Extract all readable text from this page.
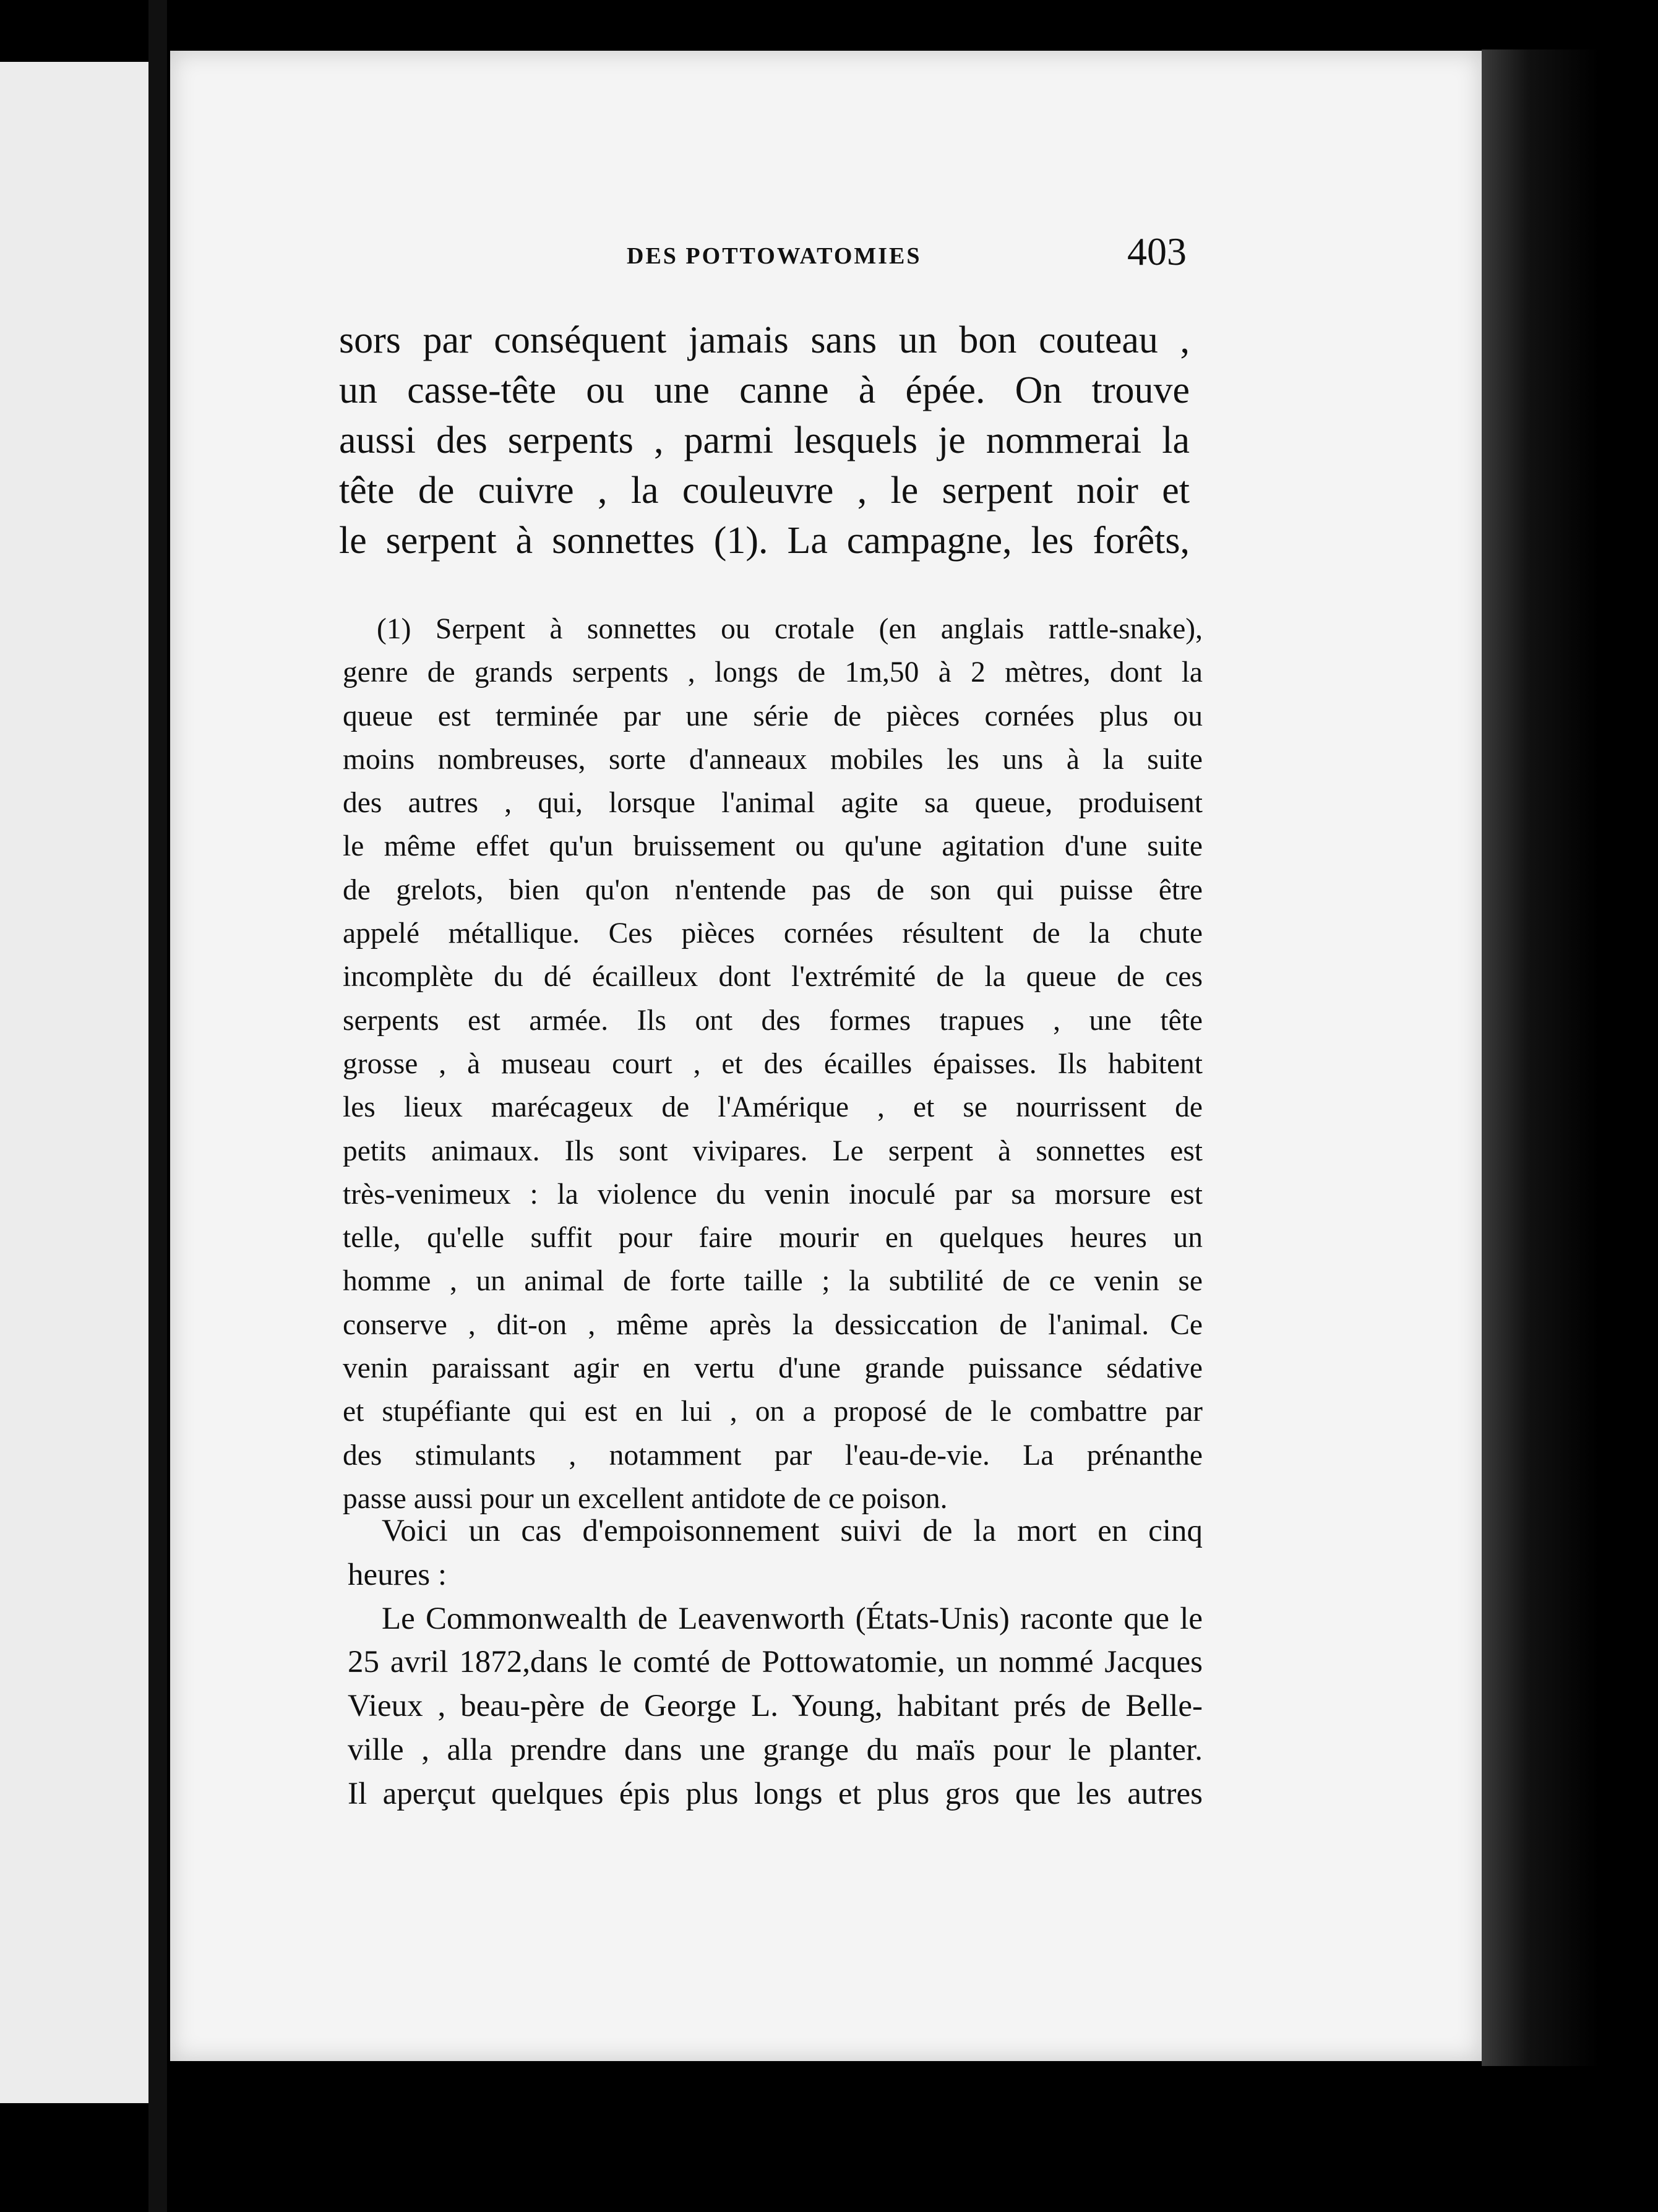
DES POTTOWATOMIES	403
sors par conséquent jamais sans un bon couteau ,
un casse-tête ou une canne à épée. On trouve
aussi des serpents , parmi lesquels je nommerai la
tête de cuivre , la couleuvre , le serpent noir et
le serpent à sonnettes (1). La campagne, les forêts,
(1) Serpent à sonnettes ou crotale (en anglais rattle-snake),
genre de grands serpents , longs de 1m,50 à 2 mètres, dont la
queue est terminée par une série de pièces cornées plus ou
moins nombreuses, sorte d'anneaux mobiles les uns à la suite
des autres , qui, lorsque l'animal agite sa queue, produisent
le même effet qu'un bruissement ou qu'une agitation d'une suite
de grelots, bien qu'on n'entende pas de son qui puisse être
appelé métallique. Ces pièces cornées résultent de la chute
incomplète du dé écailleux dont l'extrémité de la queue de ces
serpents est armée. Ils ont des formes trapues , une tête
grosse , à museau court , et des écailles épaisses. Ils habitent
les lieux marécageux de l'Amérique , et se nourrissent de
petits animaux. Ils sont vivipares. Le serpent à sonnettes est
très-venimeux : la violence du venin inoculé par sa morsure est
telle, qu'elle suffit pour faire mourir en quelques heures un
homme , un animal de forte taille ; la subtilité de ce venin se
conserve , dit-on , même après la dessiccation de l'animal. Ce
venin paraissant agir en vertu d'une grande puissance sédative
et stupéfiante qui est en lui , on a proposé de le combattre par
des stimulants , notamment par l'eau-de-vie. La prénanthe
passe aussi pour un excellent antidote de ce poison.
Voici un cas d'empoisonnement suivi de la mort en cinq
heures :
Le Commonwealth de Leavenworth (États-Unis) raconte que le
25 avril 1872,dans le comté de Pottowatomie, un nommé Jacques
Vieux , beau-père de George L. Young, habitant prés de Belle-
ville , alla prendre dans une grange du maïs pour le planter.
Il aperçut quelques épis plus longs et plus gros que les autres
